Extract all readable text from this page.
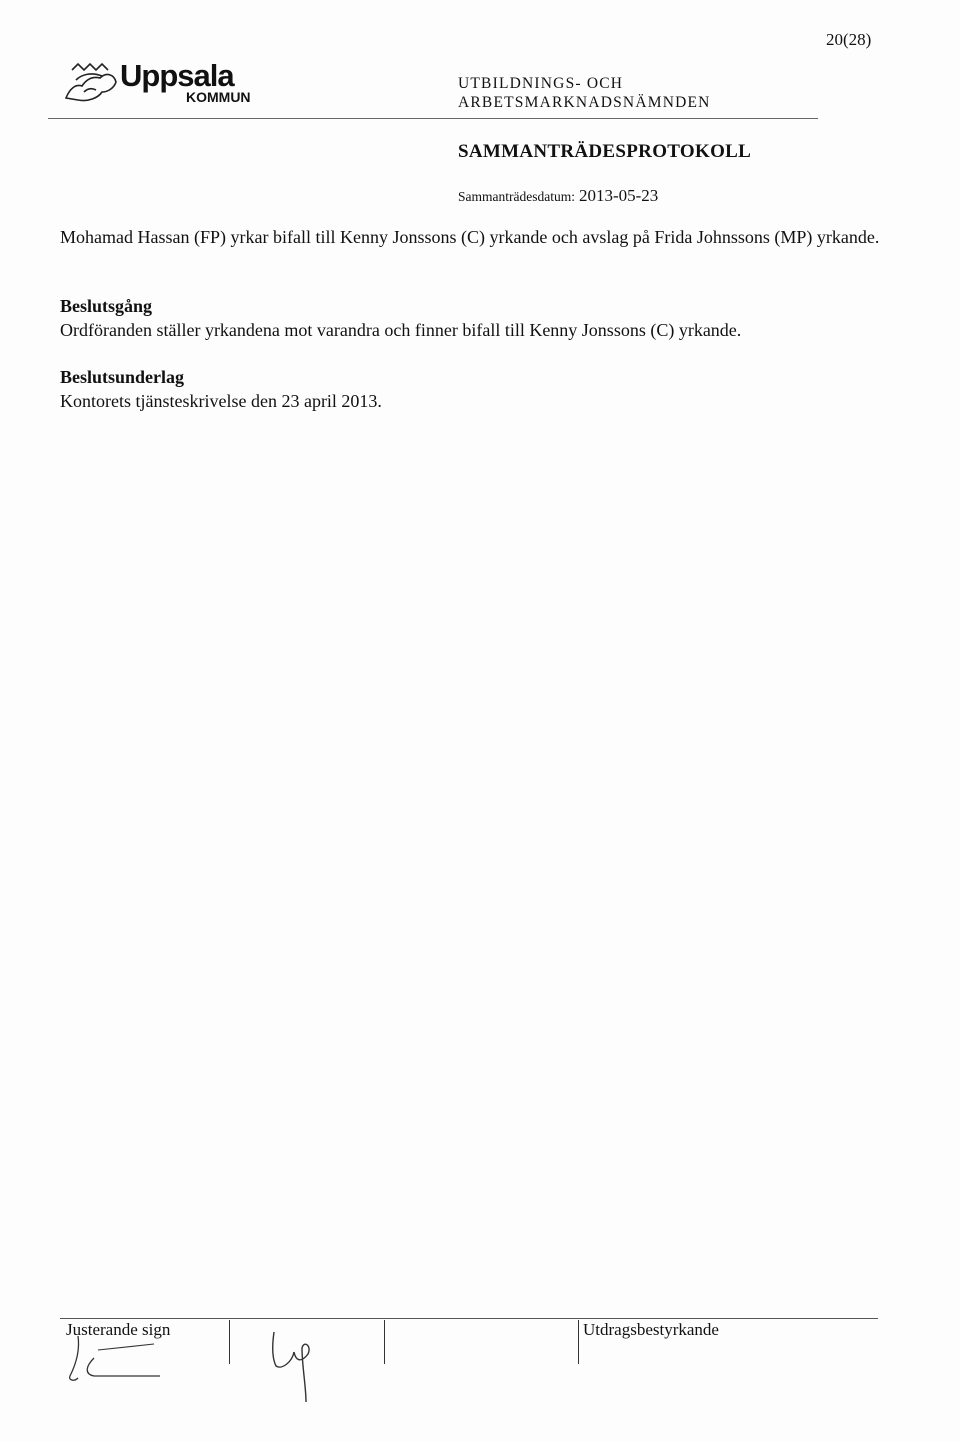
20(28)
Uppsala
KOMMUN
UTBILDNINGS- OCH
ARBETSMARKNADSNÄMNDEN
SAMMANTRÄDESPROTOKOLL
Sammanträdesdatum: 2013-05-23
Mohamad Hassan (FP) yrkar bifall till Kenny Jonssons (C) yrkande och avslag på Frida Johnssons (MP) yrkande.
Beslutsgång
Ordföranden ställer yrkandena mot varandra och finner bifall till Kenny Jonssons (C) yrkande.
Beslutsunderlag
Kontorets tjänsteskrivelse den 23 april 2013.
Justerande sign	Utdragsbestyrkande
